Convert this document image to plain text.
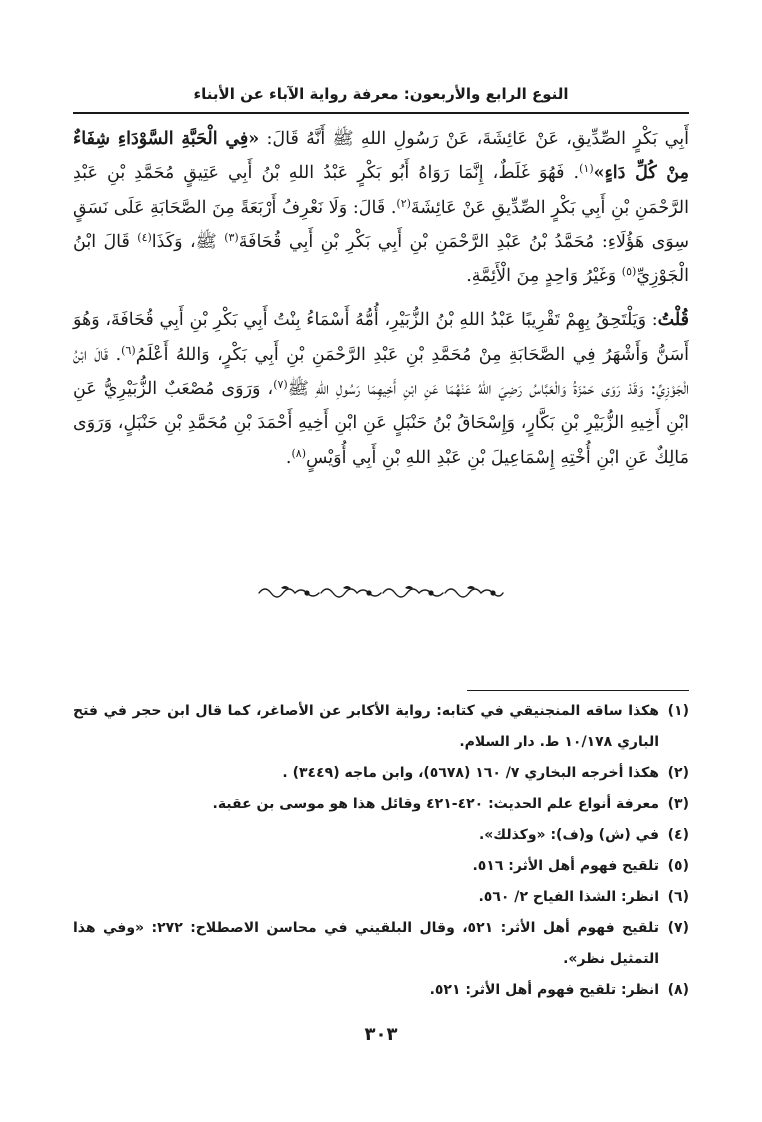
النوع الرابع والأربعون: معرفة رواية الآباء عن الأبناء

أَبِي بَكْرٍ الصِّدِّيقِ، عَنْ عَائِشَةَ، عَنْ رَسُولِ اللهِ ﷺ أَنَّهُ قَالَ: «فِي الْحَبَّةِ السَّوْدَاءِ شِفَاءٌ مِنْ كُلِّ دَاءٍ»$^{(١)}$. فَهُوَ غَلَطٌ، إِنَّمَا رَوَاهُ أَبُو بَكْرٍ عَبْدُ اللهِ بْنُ أَبِي عَتِيقٍ مُحَمَّدِ بْنِ عَبْدِ الرَّحْمَنِ بْنِ أَبِي بَكْرٍ الصِّدِّيقِ عَنْ عَائِشَةَ$^{(٢)}$. قَالَ: وَلَا نَعْرِفُ أَرْبَعَةً مِنَ الصَّحَابَةِ عَلَى نَسَقٍ سِوَى هَؤُلَاءِ: مُحَمَّدُ بْنُ عَبْدِ الرَّحْمَنِ بْنِ أَبِي بَكْرِ بْنِ أَبِي قُحَافَةَ$^{(٣)}$ ﷺ، وَكَذَا$^{(٤)}$ قَالَ ابْنُ الْجَوْزِيِّ$^{(٥)}$ وَغَيْرُ وَاحِدٍ مِنَ الْأَئِمَّةِ.

قُلْتُ: وَيَلْتَحِقُ بِهِمْ تَقْرِيبًا عَبْدُ اللهِ بْنُ الزُّبَيْرِ، أُمُّهُ أَسْمَاءُ بِنْتُ أَبِي بَكْرِ بْنِ أَبِي قُحَافَةَ، وَهُوَ أَسَنُّ وَأَشْهَرُ فِي الصَّحَابَةِ مِنْ مُحَمَّدِ بْنِ عَبْدِ الرَّحْمَنِ بْنِ أَبِي بَكْرٍ، وَاللهُ أَعْلَمُ$^{(٦)}$. قَالَ ابْنُ الْجَوْزِيِّ: وَقَدْ رَوَى حَمْزَةُ وَالْعَبَّاسُ رَضِيَ اللهُ عَنْهُمَا عَنِ ابْنِ أَخِيهِمَا رَسُولِ اللهِ ﷺ$^{(٧)}$، وَرَوَى مُصْعَبٌ الزُّبَيْرِيُّ عَنِ ابْنِ أَخِيهِ الزُّبَيْرِ بْنِ بَكَّارٍ، وَإِسْحَاقُ بْنُ حَنْبَلٍ عَنِ ابْنِ أَخِيهِ أَحْمَدَ بْنِ مُحَمَّدِ بْنِ حَنْبَلٍ، وَرَوَى مَالِكٌ عَنِ ابْنِ أُخْتِهِ إِسْمَاعِيلَ بْنِ عَبْدِ اللهِ بْنِ أَبِي أُوَيْسٍ$^{(٨)}$.

(١)
هكذا ساقه المنجنيقي في كتابه: رواية الأكابر عن الأصاغر، كما قال ابن حجر في فتح الباري ١٠/١٧٨ ط. دار السلام.
(٢)
هكذا أخرجه البخاري ٧/ ١٦٠ (٥٦٧٨)، وابن ماجه (٣٤٤٩) .
(٣)
معرفة أنواع علم الحديث: ٤٢٠-٤٢١ وقائل هذا هو موسى بن عقبة.
(٤)
في (ش) و(ف): «وكذلك».
(٥)
تلقيح فهوم أهل الأثر: ٥١٦.
(٦)
انظر: الشذا الفياح ٢/ ٥٦٠.
(٧)
تلقيح فهوم أهل الأثر: ٥٢١، وقال البلقيني في محاسن الاصطلاح: ٢٧٢: «وفي هذا التمثيل نظر».
(٨)
انظر: تلقيح فهوم أهل الأثر: ٥٢١.
٣٠٣
